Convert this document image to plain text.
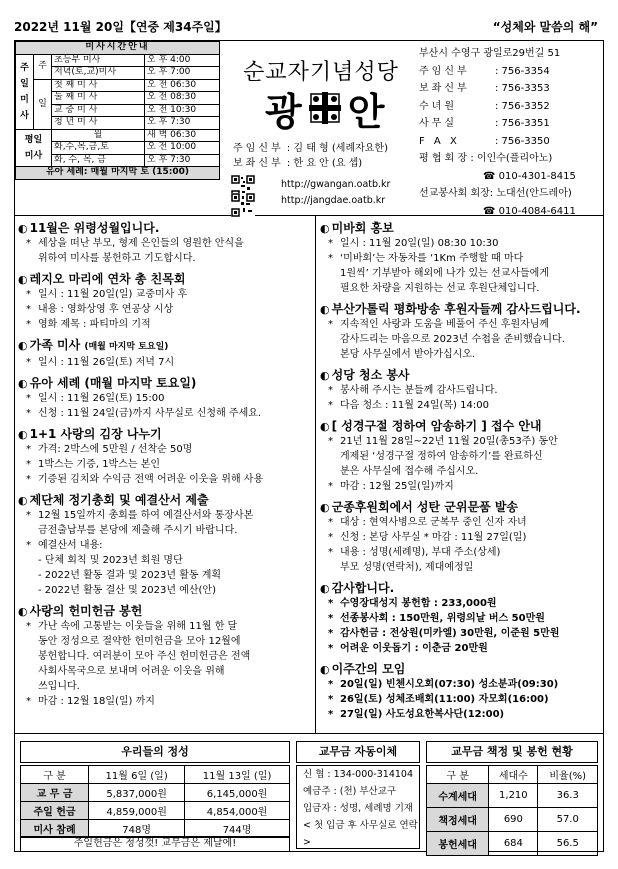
2022년 11월 20일【연중 제34주일】	“성체와 말씀의 해”
미사시간안내			
주일미사	주	초등부 미사	오 후 4:00
		저녁(토,교)미사	오 후 7:00
	일	첫 째 미 사	오 전 06:30
		둘 째 미 사	오 전 08:30
		교 중 미 사	오 전 10:30
		청 년 미 사	오 후 7:30
평일미사		월	새 벽 06:30
		화,수,목,금,토	오 전 10:00
		화, 수, 목, 금	오 후 7:30
유아 세례: 매월 마지막 토 (15:00)			
순교자기념성당
광 안
주임신부 : 김 태 형 (세례자요한)
보좌신부 : 한 요 안 (요 셉)
http://gwangan.oatb.kr
http://jangdae.oatb.kr
부산시 수영구 광일로29번길 51
주임신부	: 756-3354
보좌신부	: 756-3353
수녀원	: 756-3352
사무실	: 756-3351
F A X	: 756-3350
평 협 회 장 : 이인수(플리아노)
☎ 010-4301-8415
선교봉사회 회장: 노대선(안드레아)
☎ 010-4084-6411
◐ 11월은 위령성월입니다.
* 세상을 떠난 부모, 형제 은인들의 영원한 안식을
위하여 미사를 봉헌하고 기도합시다.
◐ 레지오 마리에 연차 총 친목회
* 일시 : 11월 20일(일) 교중미사 후
* 내용 : 영화상영 후 연공상 시상
* 영화 제목 : 파티마의 기적
◐ 가족 미사 (매월 마지막 토요일)
* 일시 : 11월 26일(토) 저녁 7시
◐ 유아 세례 (매월 마지막 토요일)
* 일시 : 11월 26일(토) 15:00
* 신청 : 11월 24일(금)까지 사무실로 신청해 주세요.
◐ 1+1 사랑의 김장 나누기
* 가격: 2박스에 5만원 / 선착순 50명
* 1박스는 기증, 1박스는 본인
* 기증된 김치와 수익금 전액 어려운 이웃을 위해 사용
◐ 제단체 정기총회 및 예결산서 제출
* 12월 15일까지 총회를 하여 예결산서와 통장사본
금전출납부를 본당에 제출해 주시기 바랍니다.
* 예결산서 내용:
- 단체 회칙 및 2023년 회원 명단
- 2022년 활동 결과 및 2023년 활동 계획
- 2022년 활동 결산 및 2023년 예산(안)
◐ 사랑의 헌미헌금 봉헌
* 가난 속에 고통받는 이웃들을 위해 11월 한 달
동안 정성으로 절약한 헌미헌금을 모아 12월에
봉헌합니다. 여러분이 모아 주신 헌미헌금은 전액
사회사목국으로 보내며 어려운 이웃을 위해
쓰입니다.
* 마감 : 12월 18일(일) 까지
◐ 미바회 홍보
* 일시 : 11월 20일(일) 08:30 10:30
* ‘미바회’는 자동차를 ‘1Km 주행할 때 마다
1원씩’ 기부받아 해외에 나가 있는 선교사들에게
필요한 차량을 지원하는 선교 후원단체입니다.
◐ 부산가톨릭 평화방송 후원자들께 감사드립니다.
* 지속적인 사랑과 도움을 베풀어 주신 후원자님께
감사드리는 마음으로 2023년 수첩을 준비했습니다.
본당 사무실에서 받아가십시오.
◐ 성당 청소 봉사
* 봉사해 주시는 분들께 감사드립니다.
* 다음 청소 : 11월 24일(목) 14:00
◐ [ 성경구절 정하여 암송하기 ] 접수 안내
* 21년 11월 28일~22년 11월 20일(총53주) 동안
게제된 ‘성경구절 정하여 암송하기’를 완료하신
분은 사무실에 접수해 주십시오.
* 마감 : 12월 25일(일)까지
◐ 군종후원회에서 성탄 군위문품 발송
* 대상 : 현역사병으로 군복무 중인 신자 자녀
* 신청 : 본당 사무실 * 마감 : 11월 27일(일)
* 내용 : 성명(세례명), 부대 주소(상세)
부모 성명(연락처), 제대예정일
◐ 감사합니다.
* 수영장대성지 봉헌함 : 233,000원
* 선종봉사회 : 150만원, 위령의날 버스 50만원
* 감사헌금 : 전상원(미카엘) 30만원, 이준원 5만원
* 어려운 이웃돕기 : 이춘금 20만원
◐ 이주간의 모임
* 20일(일) 빈첸시오회(07:30) 성소분과(09:30)
* 26일(토) 성체조배회(11:00) 자모회(16:00)
* 27일(일) 사도성요한복사단(12:00)
우리들의 정성
구 분	11월 6일 (일)	11월 13일 (일)
교 무 금	5,837,000원	6,145,000원
주일 헌금	4,859,000원	4,854,000원
미사 참례	748명	744명
주일헌금은 정성껏! 교무금은 제날에!
교무금 자동이체
신 협 : 134-000-314104
예금주 : (천) 부산교구
입금자 : 성명, 세례명 기재
< 첫 입금 후 사무실로 연락 >
교무금 책정 및 봉헌 현황
구 분	세대수	비율(%)
수계세대	1,210	36.3
책정세대	690	57.0
봉헌세대	684	56.5
